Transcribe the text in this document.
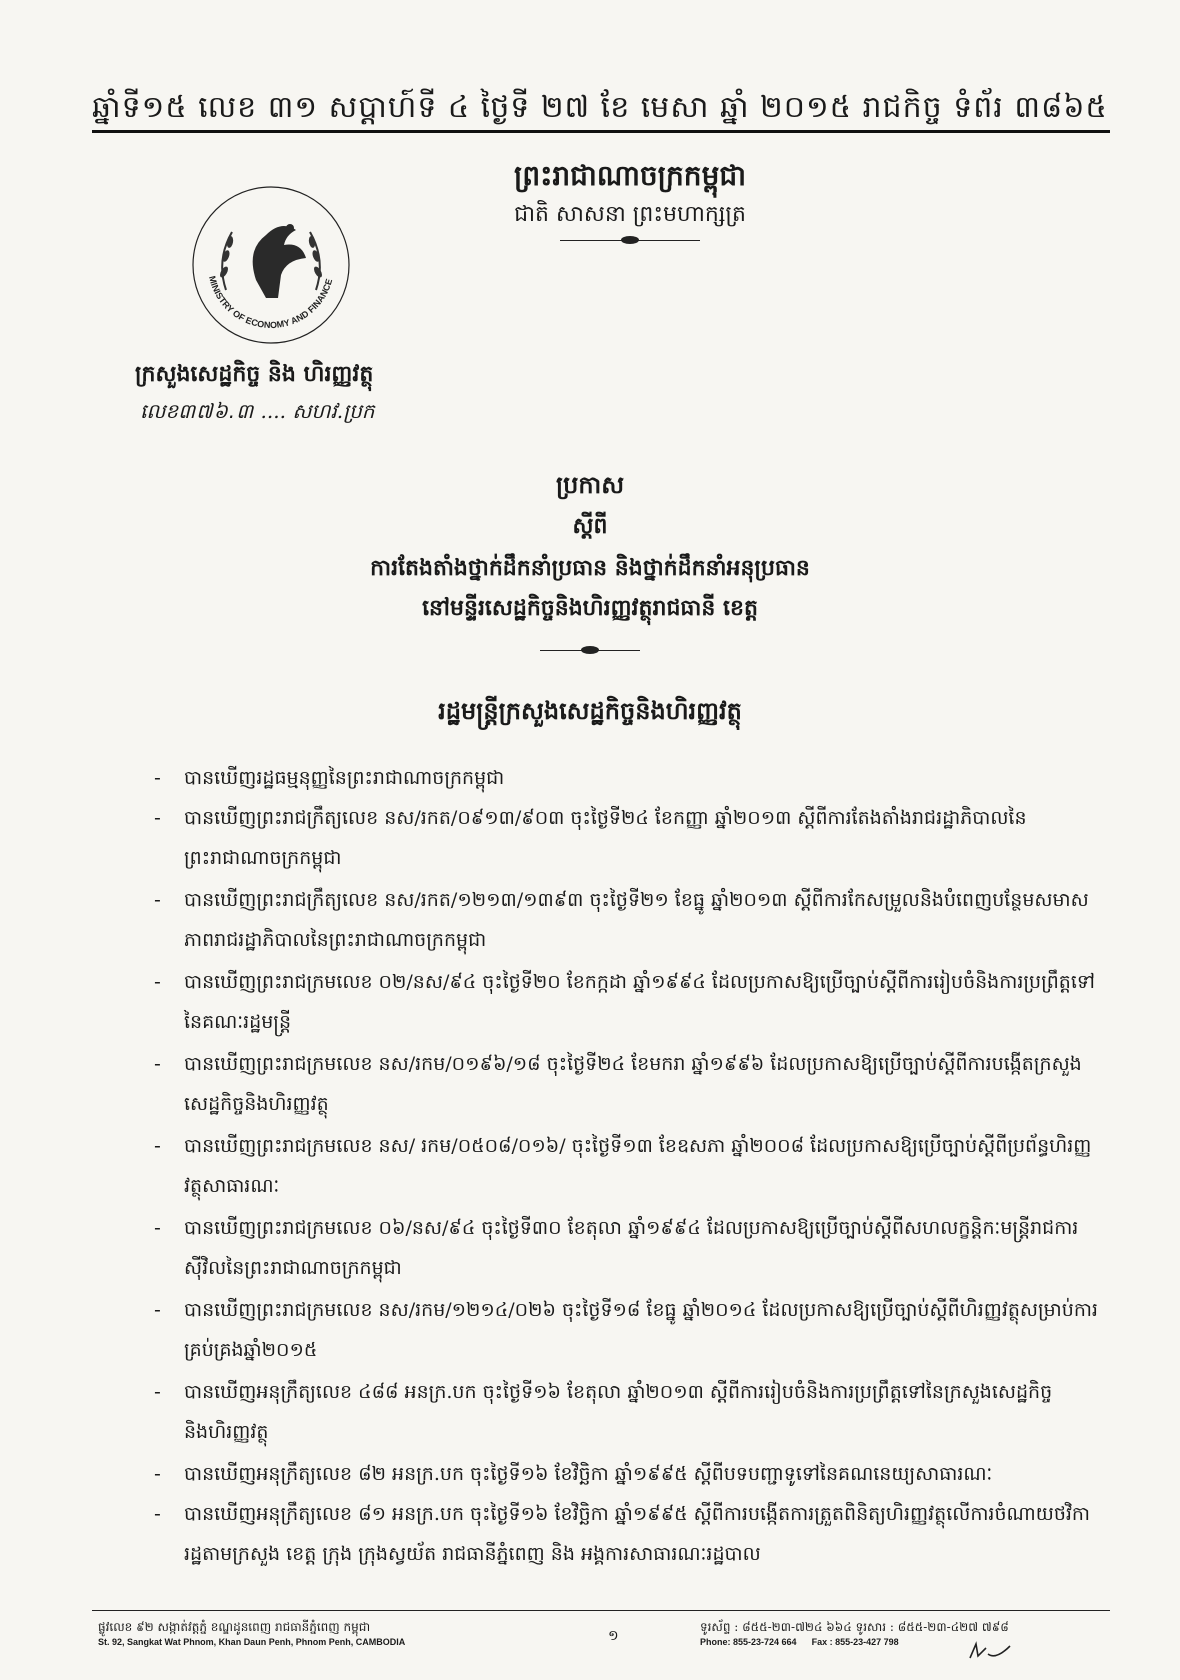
ឆ្នាំទី១៥ លេខ ៣១ សប្ដាហ៍ទី ៤ ថ្ងៃទី ២៧ ខែ មេសា ឆ្នាំ ២០១៥ រាជកិច្ច ទំព័រ ៣៨៦៥
ព្រះរាជាណាចក្រកម្ពុជា
ជាតិ សាសនា ព្រះមហាក្សត្រ
MINISTRY OF ECONOMY AND FINANCE
ក្រសួងសេដ្ឋកិច្ច និង ហិរញ្ញវត្ថុ
លេខ៣៧៦.៣ .... សហវ.ប្រក
ប្រកាស
ស្ដីពី
ការតែងតាំងថ្នាក់ដឹកនាំប្រធាន និងថ្នាក់ដឹកនាំអនុប្រធាន
នៅមន្ទីរសេដ្ឋកិច្ចនិងហិរញ្ញវត្ថុរាជធានី ខេត្ត
រដ្ឋមន្ត្រីក្រសួងសេដ្ឋកិច្ចនិងហិរញ្ញវត្ថុ
- បានឃើញរដ្ឋធម្មនុញ្ញនៃព្រះរាជាណាចក្រកម្ពុជា
- បានឃើញព្រះរាជក្រឹត្យលេខ នស/រកត/០៩១៣/៩០៣ ចុះថ្ងៃទី២៤ ខែកញ្ញា ឆ្នាំ២០១៣ ស្ដីពីការតែងតាំងរាជរដ្ឋាភិបាលនៃព្រះរាជាណាចក្រកម្ពុជា
- បានឃើញព្រះរាជក្រឹត្យលេខ នស/រកត/១២១៣/១៣៩៣ ចុះថ្ងៃទី២១ ខែធ្នូ ឆ្នាំ២០១៣ ស្ដីពីការកែសម្រួលនិងបំពេញបន្ថែមសមាសភាពរាជរដ្ឋាភិបាលនៃព្រះរាជាណាចក្រកម្ពុជា
- បានឃើញព្រះរាជក្រមលេខ ០២/នស/៩៤ ចុះថ្ងៃទី២០ ខែកក្កដា ឆ្នាំ១៩៩៤ ដែលប្រកាសឱ្យប្រើច្បាប់ស្ដីពីការរៀបចំនិងការប្រព្រឹត្តទៅនៃគណៈរដ្ឋមន្ត្រី
- បានឃើញព្រះរាជក្រមលេខ នស/រកម/០១៩៦/១៨ ចុះថ្ងៃទី២៤ ខែមករា ឆ្នាំ១៩៩៦ ដែលប្រកាសឱ្យប្រើច្បាប់ស្ដីពីការបង្កើតក្រសួងសេដ្ឋកិច្ចនិងហិរញ្ញវត្ថុ
- បានឃើញព្រះរាជក្រមលេខ នស/ រកម/០៥០៨/០១៦/ ចុះថ្ងៃទី១៣ ខែឧសភា ឆ្នាំ២០០៨ ដែលប្រកាសឱ្យប្រើច្បាប់ស្ដីពីប្រព័ន្ធហិរញ្ញវត្ថុសាធារណៈ
- បានឃើញព្រះរាជក្រមលេខ ០៦/នស/៩៤ ចុះថ្ងៃទី៣០ ខែតុលា ឆ្នាំ១៩៩៤ ដែលប្រកាសឱ្យប្រើច្បាប់ស្ដីពីសហលក្ខន្តិកៈមន្ត្រីរាជការស៊ីវិលនៃព្រះរាជាណាចក្រកម្ពុជា
- បានឃើញព្រះរាជក្រមលេខ នស/រកម/១២១៤/០២៦ ចុះថ្ងៃទី១៨ ខែធ្នូ ឆ្នាំ២០១៤ ដែលប្រកាសឱ្យប្រើច្បាប់ស្ដីពីហិរញ្ញវត្ថុសម្រាប់ការគ្រប់គ្រងឆ្នាំ២០១៥
- បានឃើញអនុក្រឹត្យលេខ ៤៨៨ អនក្រ.បក ចុះថ្ងៃទី១៦ ខែតុលា ឆ្នាំ២០១៣ ស្ដីពីការរៀបចំនិងការប្រព្រឹត្តទៅនៃក្រសួងសេដ្ឋកិច្ចនិងហិរញ្ញវត្ថុ
- បានឃើញអនុក្រឹត្យលេខ ៨២ អនក្រ.បក ចុះថ្ងៃទី១៦ ខែវិច្ឆិកា ឆ្នាំ១៩៩៥ ស្ដីពីបទបញ្ជាទូទៅនៃគណនេយ្យសាធារណៈ
- បានឃើញអនុក្រឹត្យលេខ ៨១ អនក្រ.បក ចុះថ្ងៃទី១៦ ខែវិច្ឆិកា ឆ្នាំ១៩៩៥ ស្ដីពីការបង្កើតការត្រួតពិនិត្យហិរញ្ញវត្ថុលើការចំណាយថវិការដ្ឋតាមក្រសួង ខេត្ត ក្រុង ក្រុងស្វយ័ត រាជធានីភ្នំពេញ និង អង្គការសាធារណៈរដ្ឋបាល
ផ្លូវលេខ ៩២ សង្កាត់វត្តភ្នំ ខណ្ឌដូនពេញ រាជធានីភ្នំពេញ កម្ពុជា
St. 92, Sangkat Wat Phnom, Khan Daun Penh, Phnom Penh, CAMBODIA	១
ទូរស័ព្ទ : ៨៥៥-២៣-៧២៤ ៦៦៤ ទូរសារ : ៨៥៥-២៣-៤២៧ ៧៩៨
Phone: 855-23-724 664 Fax : 855-23-427 798
